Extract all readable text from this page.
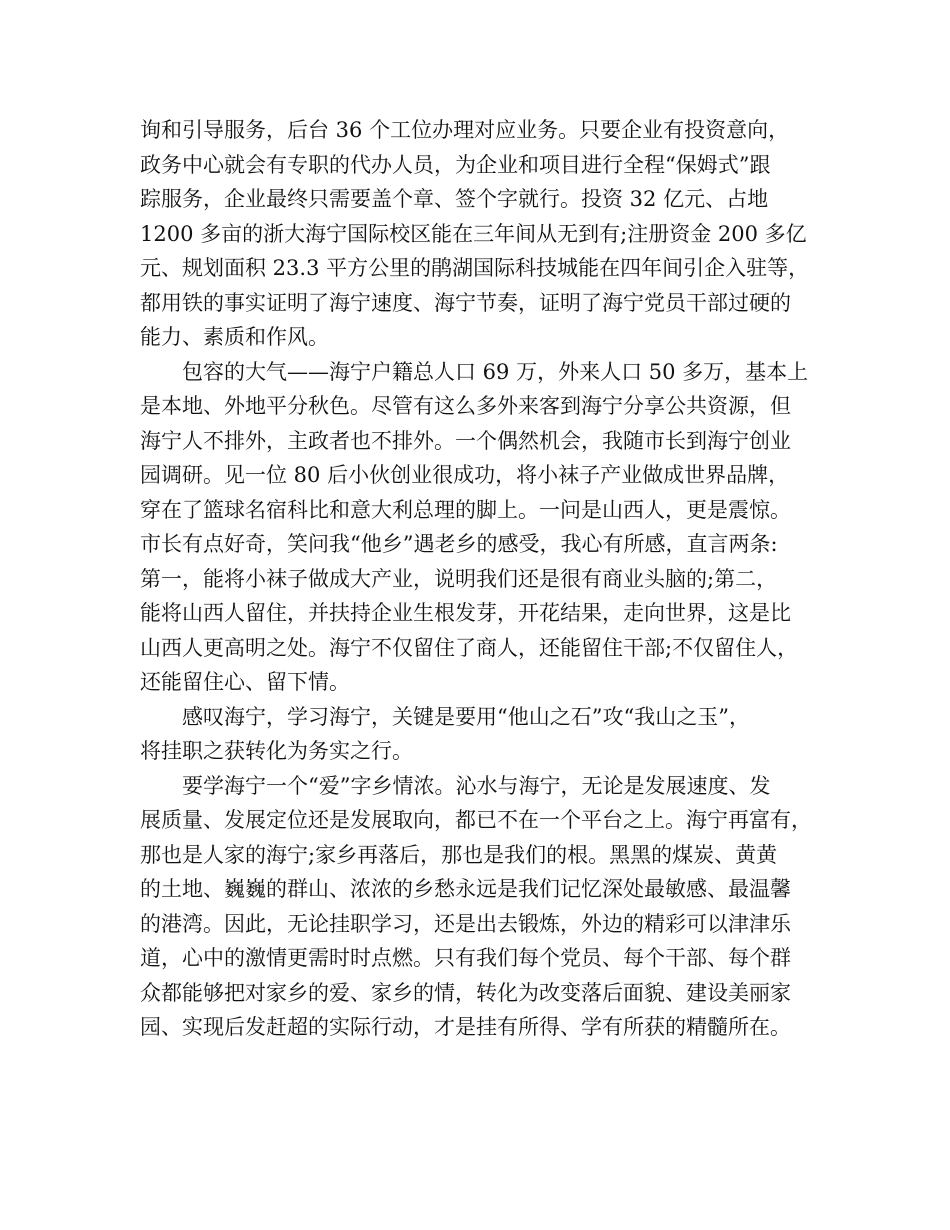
询和引导服务，后台 36 个工位办理对应业务。只要企业有投资意向，
政务中心就会有专职的代办人员，为企业和项目进行全程“保姆式”跟
踪服务，企业最终只需要盖个章、签个字就行。投资 32 亿元、占地
1200 多亩的浙大海宁国际校区能在三年间从无到有;注册资金 200 多亿
元、规划面积 23.3 平方公里的鹃湖国际科技城能在四年间引企入驻等，
都用铁的事实证明了海宁速度、海宁节奏，证明了海宁党员干部过硬的
能力、素质和作风。
包容的大气——海宁户籍总人口 69 万，外来人口 50 多万，基本上
是本地、外地平分秋色。尽管有这么多外来客到海宁分享公共资源，但
海宁人不排外，主政者也不排外。一个偶然机会，我随市长到海宁创业
园调研。见一位 80 后小伙创业很成功，将小袜子产业做成世界品牌，
穿在了篮球名宿科比和意大利总理的脚上。一问是山西人，更是震惊。
市长有点好奇，笑问我“他乡”遇老乡的感受，我心有所感，直言两条:
第一，能将小袜子做成大产业，说明我们还是很有商业头脑的;第二，
能将山西人留住，并扶持企业生根发芽，开花结果，走向世界，这是比
山西人更高明之处。海宁不仅留住了商人，还能留住干部;不仅留住人，
还能留住心、留下情。
感叹海宁，学习海宁，关键是要用“他山之石”攻“我山之玉”，
将挂职之获转化为务实之行。
要学海宁一个“爱”字乡情浓。沁水与海宁，无论是发展速度、发
展质量、发展定位还是发展取向，都已不在一个平台之上。海宁再富有，
那也是人家的海宁;家乡再落后，那也是我们的根。黑黑的煤炭、黄黄
的土地、巍巍的群山、浓浓的乡愁永远是我们记忆深处最敏感、最温馨
的港湾。因此，无论挂职学习，还是出去锻炼，外边的精彩可以津津乐
道，心中的激情更需时时点燃。只有我们每个党员、每个干部、每个群
众都能够把对家乡的爱、家乡的情，转化为改变落后面貌、建设美丽家
园、实现后发赶超的实际行动，才是挂有所得、学有所获的精髓所在。
